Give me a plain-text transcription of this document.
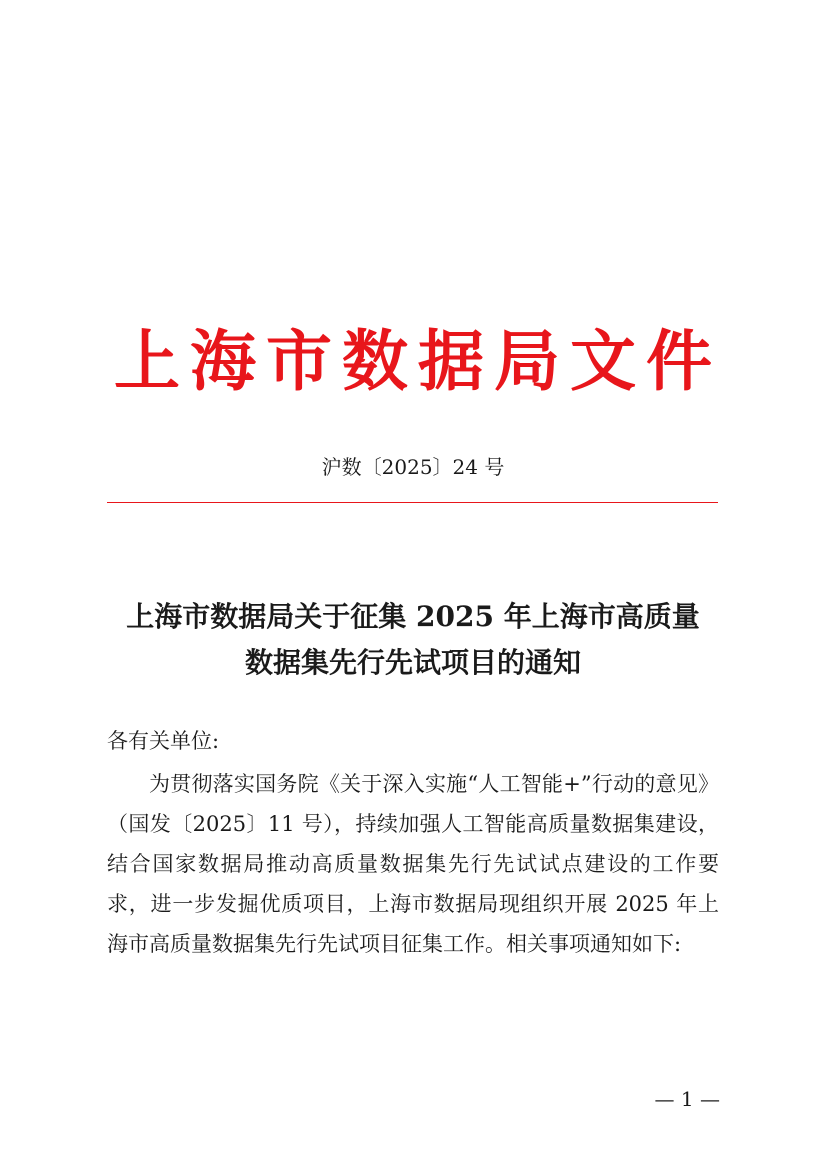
上海市数据局文件
沪数〔2025〕24 号
上海市数据局关于征集 2025 年上海市高质量
数据集先行先试项目的通知
各有关单位:
为贯彻落实国务院《关于深入实施“人工智能+”行动的意见》
（国发〔2025〕11 号），持续加强人工智能高质量数据集建设，
结合国家数据局推动高质量数据集先行先试试点建设的工作要
求，进一步发掘优质项目，上海市数据局现组织开展 2025 年上
海市高质量数据集先行先试项目征集工作。相关事项通知如下:
— 1 —
